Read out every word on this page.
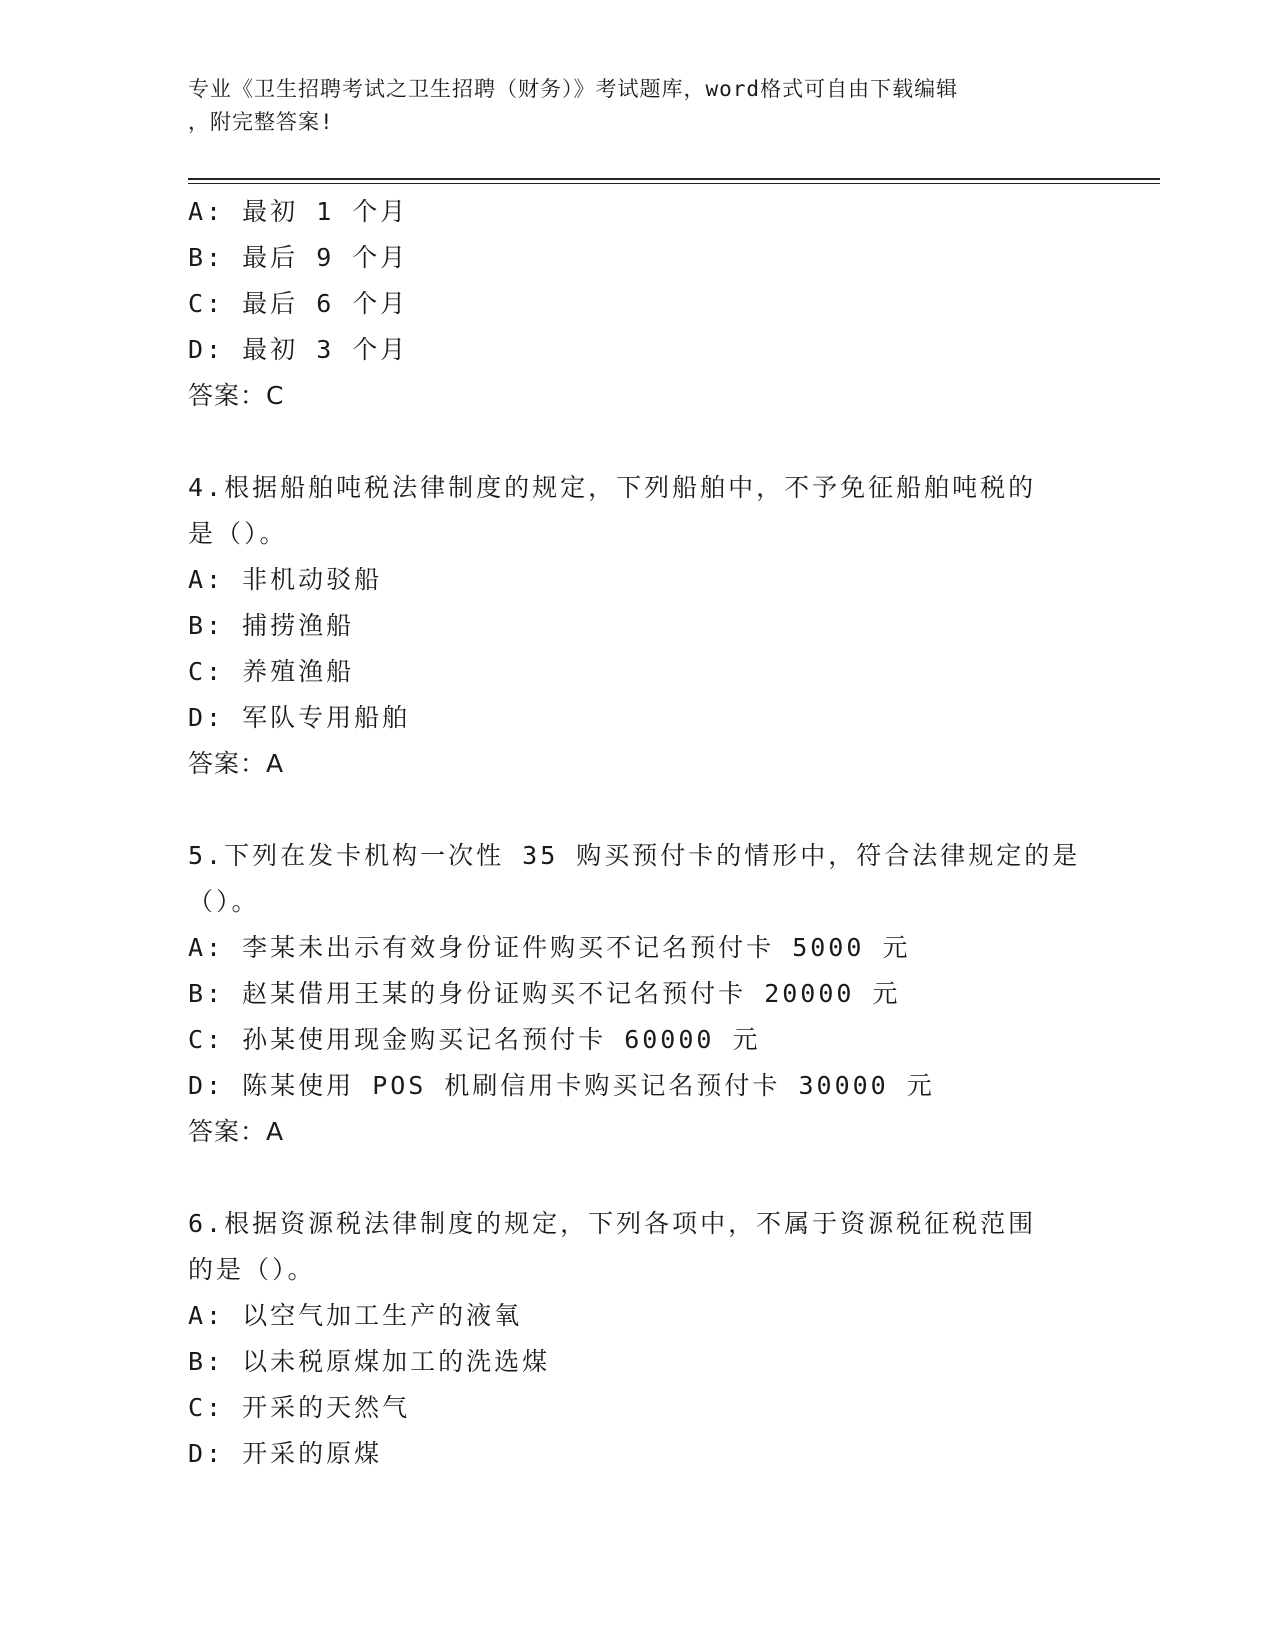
专业《卫生招聘考试之卫生招聘（财务）》考试题库，word格式可自由下载编辑
，附完整答案!
A: 最初 1 个月
B: 最后 9 个月
C: 最后 6 个月
D: 最初 3 个月
答案：C
4.根据船舶吨税法律制度的规定，下列船舶中，不予免征船舶吨税的
是（）。
A: 非机动驳船
B: 捕捞渔船
C: 养殖渔船
D: 军队专用船舶
答案：A
5.下列在发卡机构一次性 35 购买预付卡的情形中，符合法律规定的是
（）。
A: 李某未出示有效身份证件购买不记名预付卡 5000 元
B: 赵某借用王某的身份证购买不记名预付卡 20000 元
C: 孙某使用现金购买记名预付卡 60000 元
D: 陈某使用 POS 机刷信用卡购买记名预付卡 30000 元
答案：A
6.根据资源税法律制度的规定，下列各项中，不属于资源税征税范围
的是（）。
A: 以空气加工生产的液氧
B: 以未税原煤加工的洗选煤
C: 开采的天然气
D: 开采的原煤
